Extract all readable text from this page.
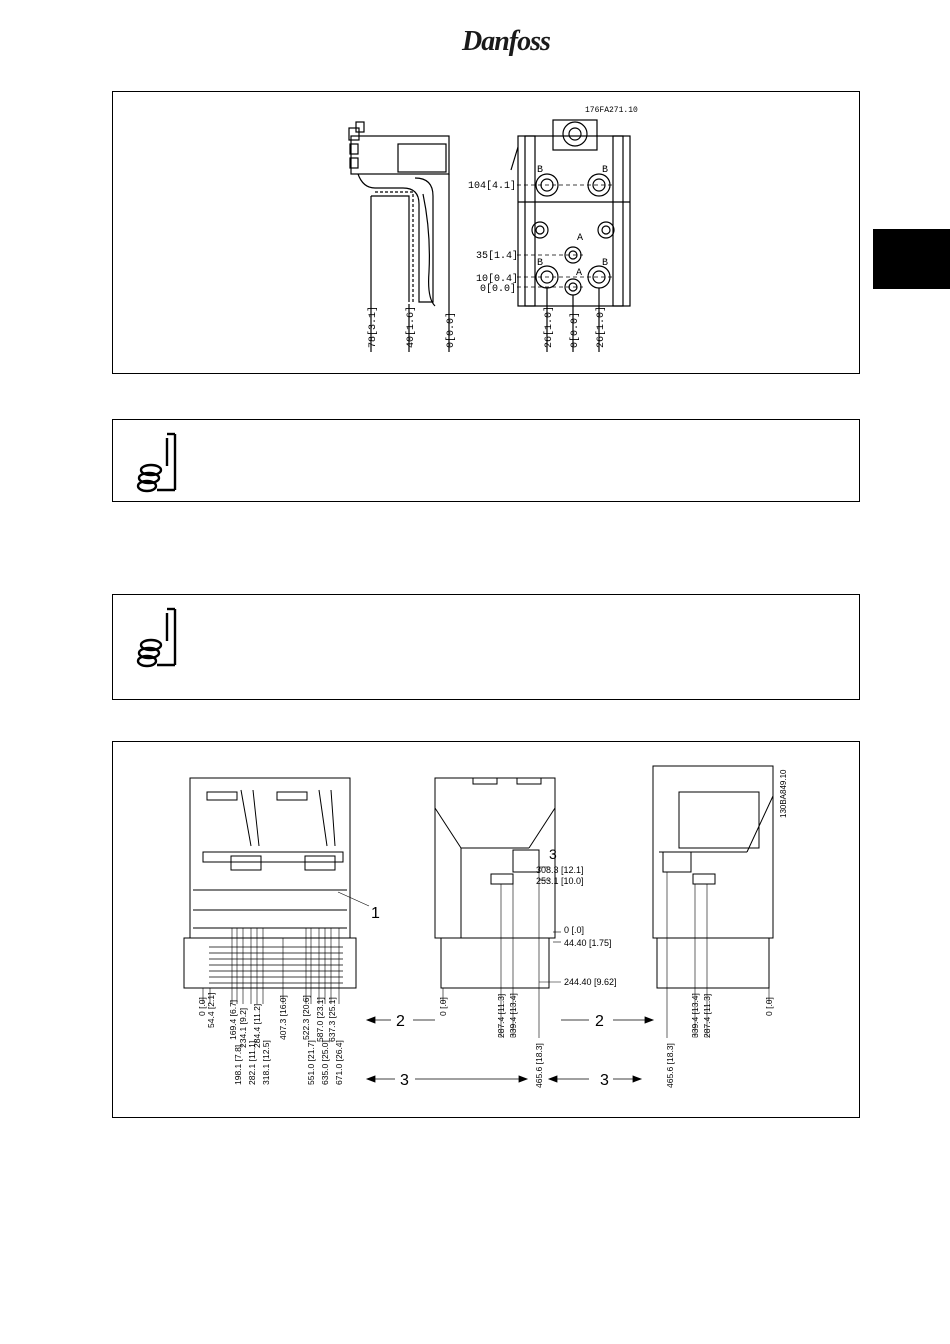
Danfoss
176FA271.10
104[4.1]
35[1.4]
10[0.4]
0[0.0]
B	B
A
B
A
B
78[3.1]	40[1.6]	0[0.0]	26[1.0] 0[0.0] 26[1.0]
1
3
308.3 [12.1]
253.1 [10.0]
0 [.0]
44.40 [1.75]
244.40 [9.62]
130BA849.10
2	2
3	3
0 [.0] 54.4 [2.1] 169.4 [6.7]
198.1 [7.8]
234.1 [9.2]
282.1 [11.1]
284.4 [11.2]
318.1 [12.5]
407.3 [16.0] 522.3 [20.6]
551.0 [21.7]
587.0 [23.1]
635.0 [25.0]
637.3 [25.1]
671.0 [26.4]
0 [.0]	287.4 [11.3] 339.4 [13.4]
465.6 [18.3]	465.6 [18.3]
339.4 [13.4] 287.4 [11.3]	0 [.0]
